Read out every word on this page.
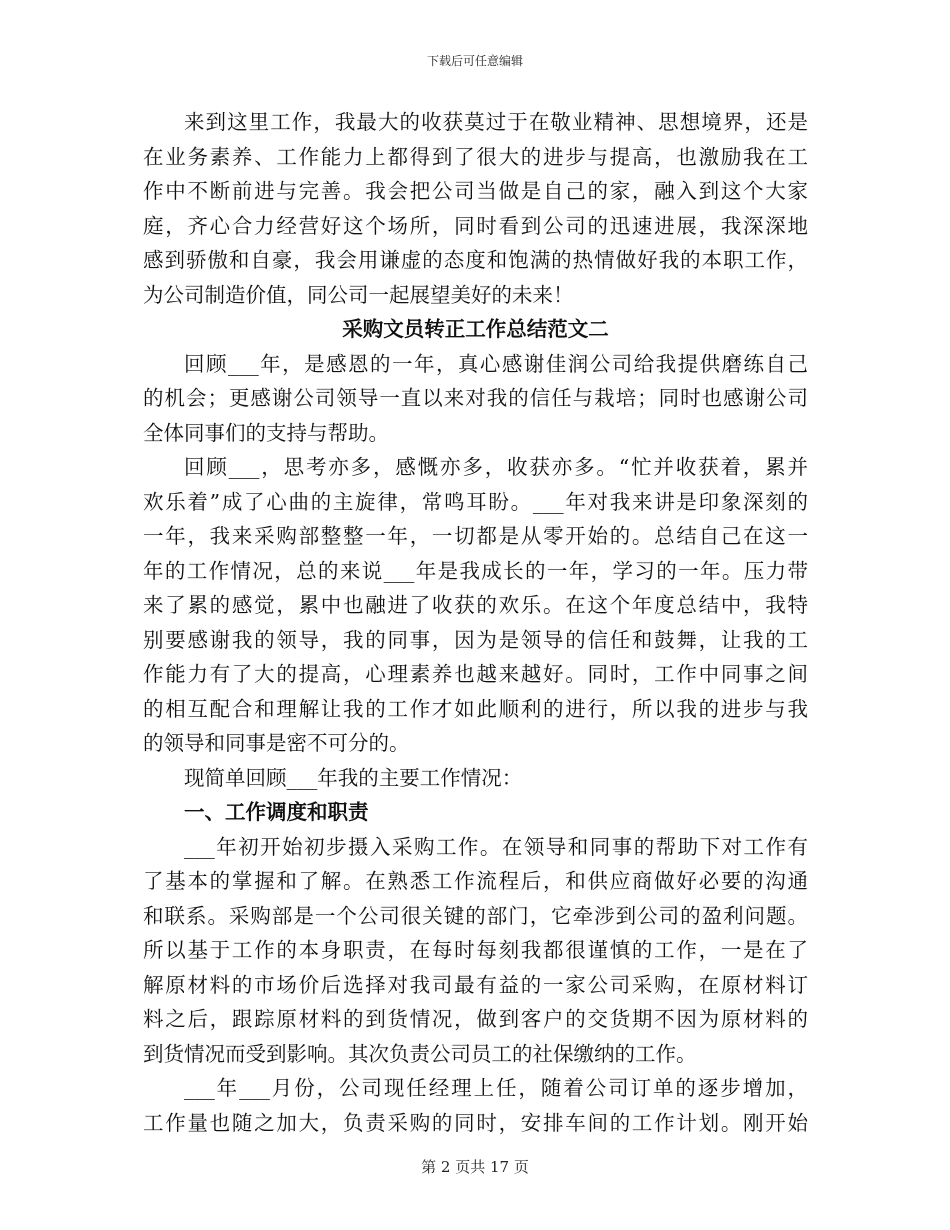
下载后可任意编辑
来到这里工作，我最大的收获莫过于在敬业精神、思想境界，还是
在业务素养、工作能力上都得到了很大的进步与提高，也激励我在工
作中不断前进与完善。我会把公司当做是自己的家，融入到这个大家
庭，齐心合力经营好这个场所，同时看到公司的迅速进展，我深深地
感到骄傲和自豪，我会用谦虚的态度和饱满的热情做好我的本职工作，
为公司制造价值，同公司一起展望美好的未来！
采购文员转正工作总结范文二
回顾___年，是感恩的一年，真心感谢佳润公司给我提供磨练自己
的机会；更感谢公司领导一直以来对我的信任与栽培；同时也感谢公司
全体同事们的支持与帮助。
回顾___，思考亦多，感慨亦多，收获亦多。“忙并收获着，累并
欢乐着”成了心曲的主旋律，常鸣耳盼。___年对我来讲是印象深刻的
一年，我来采购部整整一年，一切都是从零开始的。总结自己在这一
年的工作情况，总的来说___年是我成长的一年，学习的一年。压力带
来了累的感觉，累中也融进了收获的欢乐。在这个年度总结中，我特
别要感谢我的领导，我的同事，因为是领导的信任和鼓舞，让我的工
作能力有了大的提高，心理素养也越来越好。同时，工作中同事之间
的相互配合和理解让我的工作才如此顺利的进行，所以我的进步与我
的领导和同事是密不可分的。
现简单回顾___年我的主要工作情况：
一、工作调度和职责
___年初开始初步摄入采购工作。在领导和同事的帮助下对工作有
了基本的掌握和了解。在熟悉工作流程后，和供应商做好必要的沟通
和联系。采购部是一个公司很关键的部门，它牵涉到公司的盈利问题。
所以基于工作的本身职责，在每时每刻我都很谨慎的工作，一是在了
解原材料的市场价后选择对我司最有益的一家公司采购，在原材料订
料之后，跟踪原材料的到货情况，做到客户的交货期不因为原材料的
到货情况而受到影响。其次负责公司员工的社保缴纳的工作。
___年___月份，公司现任经理上任，随着公司订单的逐步增加，
工作量也随之加大，负责采购的同时，安排车间的工作计划。刚开始
第 2 页共 17 页
